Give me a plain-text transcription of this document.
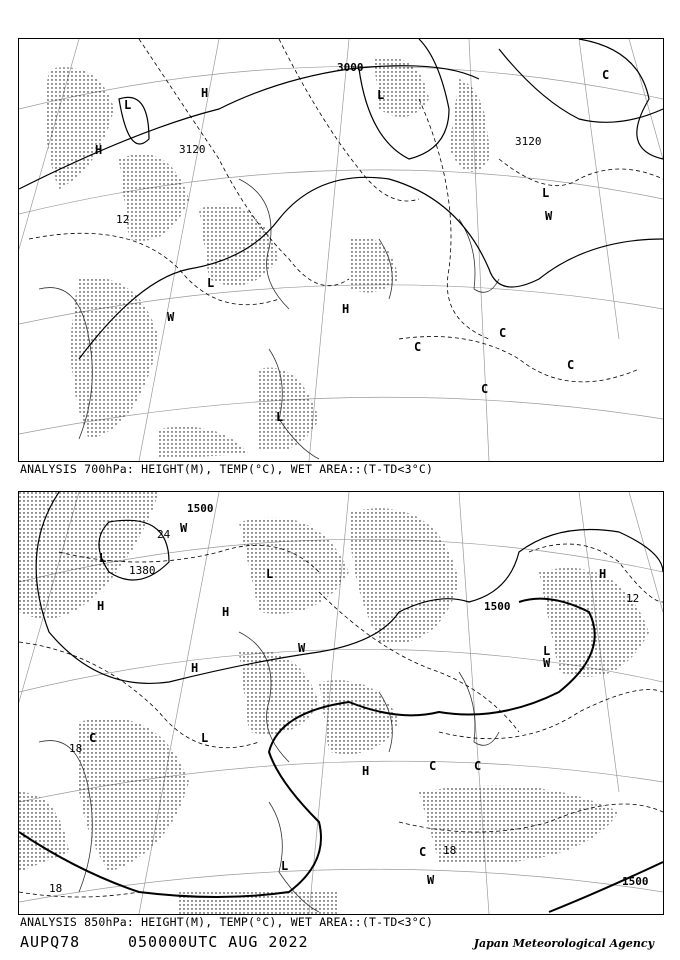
3000
3120
3120
12
L
H	L
L
H
H
L
C
C
C
C
L
W
W
C
ANALYSIS 700hPa: HEIGHT(M), TEMP(°C), WET AREA::(T-TD<3°C)
1500
1380
1500
1500
24
12
18
18
18
L
H	H
H
L
L
H
W
W
C
C
L
W
H
C
W
C
L
ANALYSIS 850hPa: HEIGHT(M), TEMP(°C), WET AREA::(T-TD<3°C)
AUPQ78	050000UTC AUG 2022	Japan Meteorological Agency
